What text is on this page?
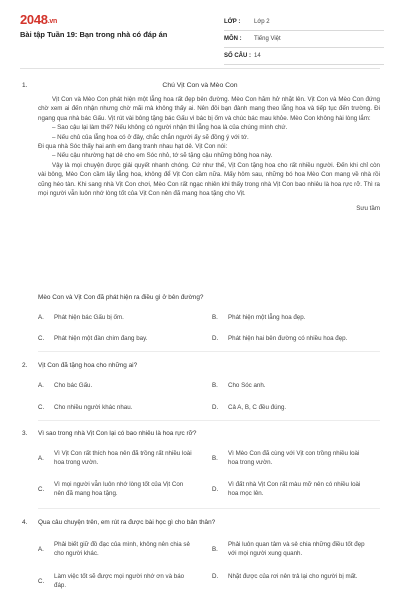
2048.vn
Bài tập Tuần 19: Bạn trong nhà có đáp án
LỚP :	Lớp 2
MÔN :	Tiếng Việt
SỐ CÂU : 14
1.	Chú Vịt Con và Mèo Con

Vịt Con và Mèo Con phát hiện một lẵng hoa rất đẹp bên đường. Mèo Con hăm hở nhặt lên. Vịt Con và Mèo Con đứng chờ xem ai đến nhận nhưng chờ mãi mà không thấy ai. Nên đôi bạn đành mang theo lẵng hoa và tiếp tục đến trường. Đi ngang qua nhà bác Gấu. Vịt rút vài bông tặng bác Gấu vì bác bị ốm và chúc bác mau khỏe. Mèo Con không hài lòng lắm:

– Sao cậu lại làm thế? Nếu không có người nhận thì lẵng hoa là của chúng mình chứ.

– Nếu chủ của lẵng hoa có ở đây, chắc chắn người ấy sẽ đồng ý với tớ.

Đi qua nhà Sóc thấy hai anh em đang tranh nhau hạt dẻ. Vịt Con nói:

– Nếu cậu nhường hạt dẻ cho em Sóc nhỏ, tớ sẽ tặng cậu những bông hoa này.

Vậy là mọi chuyện được giải quyết nhanh chóng. Cứ như thế, Vịt Con tặng hoa cho rất nhiều người. Đến khi chỉ còn vài bông, Mèo Con cầm lấy lẵng hoa, không để Vịt Con cầm nữa. Mấy hôm sau, những bó hoa Mèo Con mang về nhà rồi cũng héo tàn. Khi sang nhà Vịt Con chơi, Mèo Con rất ngạc nhiên khi thấy trong nhà Vịt Con bao nhiêu là hoa rực rỡ. Thì ra mọi người vẫn luôn nhớ lòng tốt của Vịt Con nên đã mang hoa tặng cho Vịt.

Sưu tầm

Mèo Con và Vịt Con đã phát hiện ra điều gì ở bên đường?
A.	Phát hiện bác Gấu bị ốm.	B.	Phát hiện một lẵng hoa đẹp.
C.	Phát hiện một đàn chim đang bay.	D.	Phát hiện hai bên đường có nhiều hoa đẹp.
2. Vịt Con đã tặng hoa cho những ai?
A.	Cho bác Gấu.	B.	Cho Sóc anh.
C.	Cho nhiều người khác nhau.	D.	Cả A, B, C đều đúng.
3. Vì sao trong nhà Vịt Con lại có bao nhiêu là hoa rực rỡ?
A.
Vì Vịt Con rất thích hoa nên đã trồng rất nhiều loài hoa trong vườn.
B.
Vì Mèo Con đã cùng với Vịt con trồng nhiều loài hoa trong vườn.
C.
Vì mọi người vẫn luôn nhớ lòng tốt của Vịt Con nên đã mang hoa tặng.
D.
Vì đất nhà Vịt Con rất màu mỡ nên có nhiều loài hoa mọc lên.
4. Qua câu chuyện trên, em rút ra được bài học gì cho bản thân?
A.
Phải biết giữ đồ đạc của mình, không nên chia sẻ cho người khác.
B.
Phải luôn quan tâm và sẻ chia những điều tốt đẹp với mọi người xung quanh.
C.
Làm việc tốt sẽ được mọi người nhớ ơn và báo đáp.
D.	Nhặt được của rơi nên trả lại cho người bị mất.
